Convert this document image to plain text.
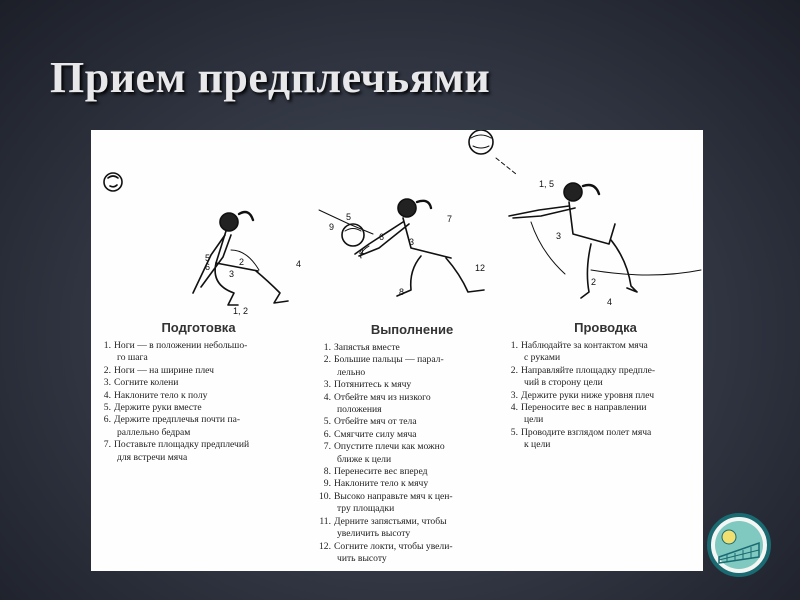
Прием предплечьями
5
6
3
2	4
1, 2
5	7
9
6
4
3
8
12
1, 5
3
2
4
Подготовка
1. Ноги — в положении небольшо-
го шага
2. Ноги — на ширине плеч
3. Согните колени
4. Наклоните тело к полу
5. Держите руки вместе
6. Держите предплечья почти па-
раллельно бедрам
7. Поставьте площадку предплечий
для встречи мяча
Выполнение
1. Запястья вместе
2. Большие пальцы — парал-
лельно
3. Потянитесь к мячу
4. Отбейте мяч из низкого
положения
5. Отбейте мяч от тела
6. Смягчите силу мяча
7. Опустите плечи как можно
ближе к цели
8. Перенесите вес вперед
9. Наклоните тело к мячу
10. Высоко направьте мяч к цен-
тру площадки
11. Дерните запястьями, чтобы
увеличить высоту
12. Согните локти, чтобы увели-
чить высоту
Проводка
1. Наблюдайте за контактом мяча
с руками
2. Направляйте площадку предпле-
чий в сторону цели
3. Держите руки ниже уровня плеч
4. Переносите вес в направлении
цели
5. Проводите взглядом полет мяча
к цели
